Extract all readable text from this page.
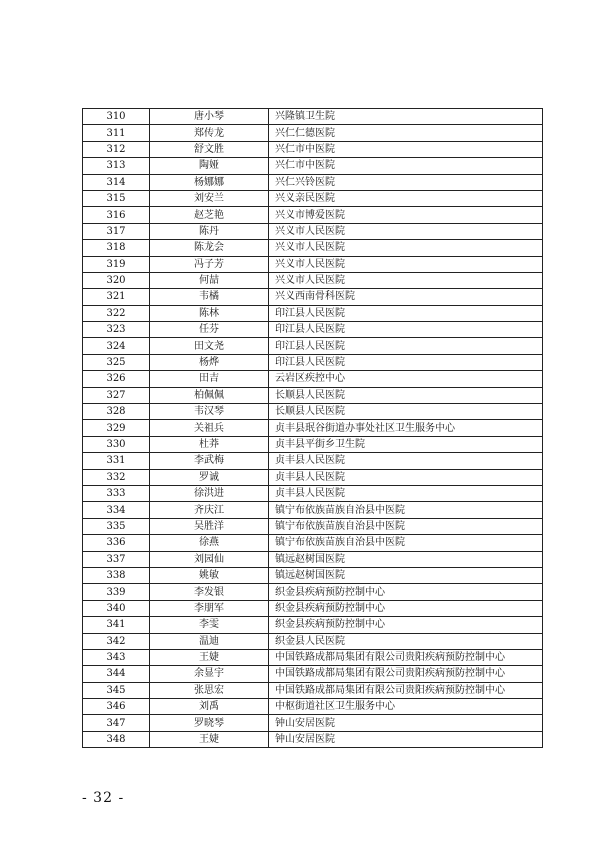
310	唐小琴	兴隆镇卫生院
311	郑传龙	兴仁仁德医院
312	舒文胜	兴仁市中医院
313	陶娅	兴仁市中医院
314	杨娜娜	兴仁兴铃医院
315	刘安兰	兴义亲民医院
316	赵芝艳	兴义市博爱医院
317	陈丹	兴义市人民医院
318	陈龙会	兴义市人民医院
319	冯子芳	兴义市人民医院
320	何喆	兴义市人民医院
321	韦橘	兴义西南骨科医院
322	陈林	印江县人民医院
323	任芬	印江县人民医院
324	田文尧	印江县人民医院
325	杨烨	印江县人民医院
326	田吉	云岩区疾控中心
327	柏佩佩	长顺县人民医院
328	韦汉琴	长顺县人民医院
329	关祖兵	贞丰县珉谷街道办事处社区卫生服务中心
330	杜莽	贞丰县平街乡卫生院
331	李武梅	贞丰县人民医院
332	罗诚	贞丰县人民医院
333	徐洪进	贞丰县人民医院
334	齐庆江	镇宁布依族苗族自治县中医院
335	吴胜洋	镇宁布依族苗族自治县中医院
336	徐燕	镇宁布依族苗族自治县中医院
337	刘园仙	镇远赵树国医院
338	姚敏	镇远赵树国医院
339	李发银	织金县疾病预防控制中心
340	李朋军	织金县疾病预防控制中心
341	李雯	织金县疾病预防控制中心
342	温迪	织金县人民医院
343	王婕	中国铁路成都局集团有限公司贵阳疾病预防控制中心
344	余显宇	中国铁路成都局集团有限公司贵阳疾病预防控制中心
345	张思宏	中国铁路成都局集团有限公司贵阳疾病预防控制中心
346	刘禹	中枢街道社区卫生服务中心
347	罗晓琴	钟山安居医院
348	王婕	钟山安居医院
- 32 -
